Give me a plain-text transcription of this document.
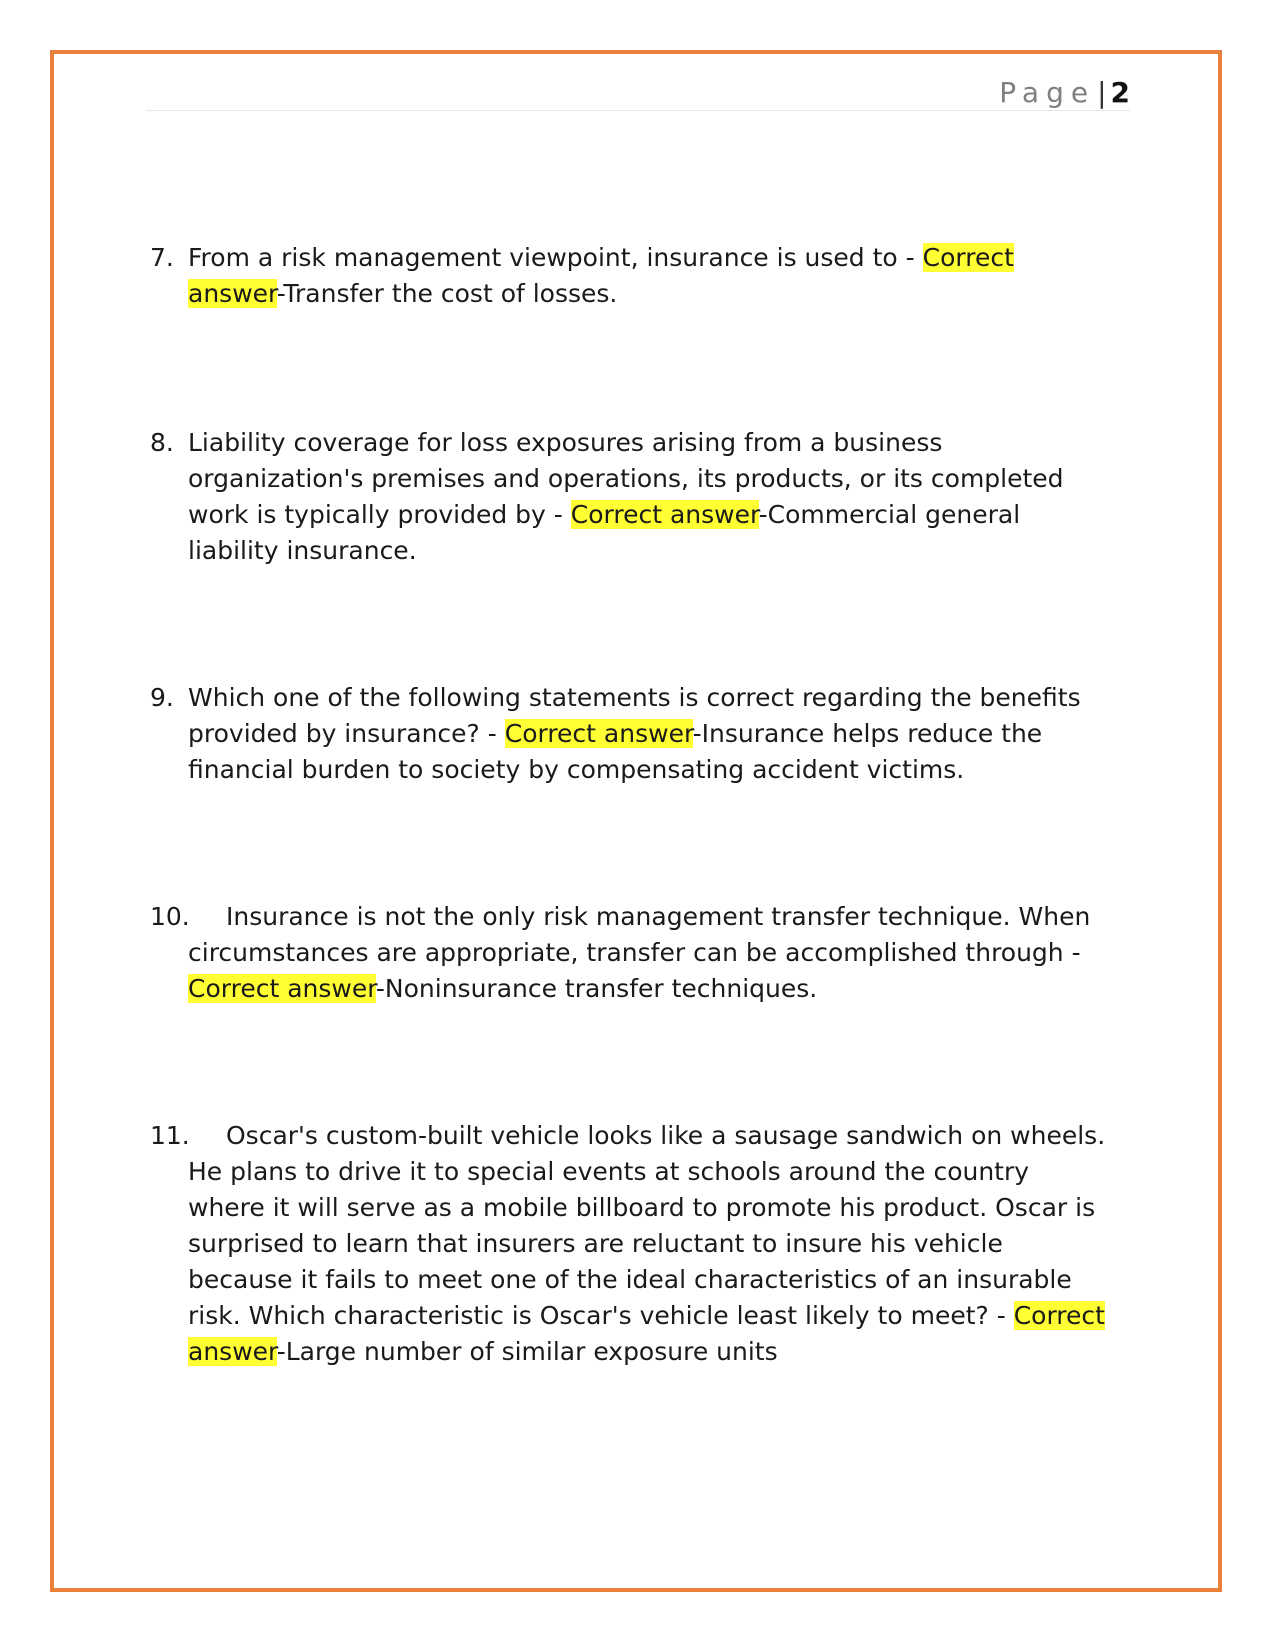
Page| 2
7. From a risk management viewpoint, insurance is used to - Correct answer-Transfer the cost of losses.
8. Liability coverage for loss exposures arising from a business organization's premises and operations, its products, or its completed work is typically provided by - Correct answer-Commercial general liability insurance.
9. Which one of the following statements is correct regarding the benefits provided by insurance? - Correct answer-Insurance helps reduce the financial burden to society by compensating accident victims.
10.	Insurance is not the only risk management transfer technique. When circumstances are appropriate, transfer can be accomplished through - Correct answer-Noninsurance transfer techniques.
11.	Oscar's custom-built vehicle looks like a sausage sandwich on wheels. He plans to drive it to special events at schools around the country where it will serve as a mobile billboard to promote his product. Oscar is surprised to learn that insurers are reluctant to insure his vehicle because it fails to meet one of the ideal characteristics of an insurable risk. Which characteristic is Oscar's vehicle least likely to meet? - Correct answer-Large number of similar exposure units
